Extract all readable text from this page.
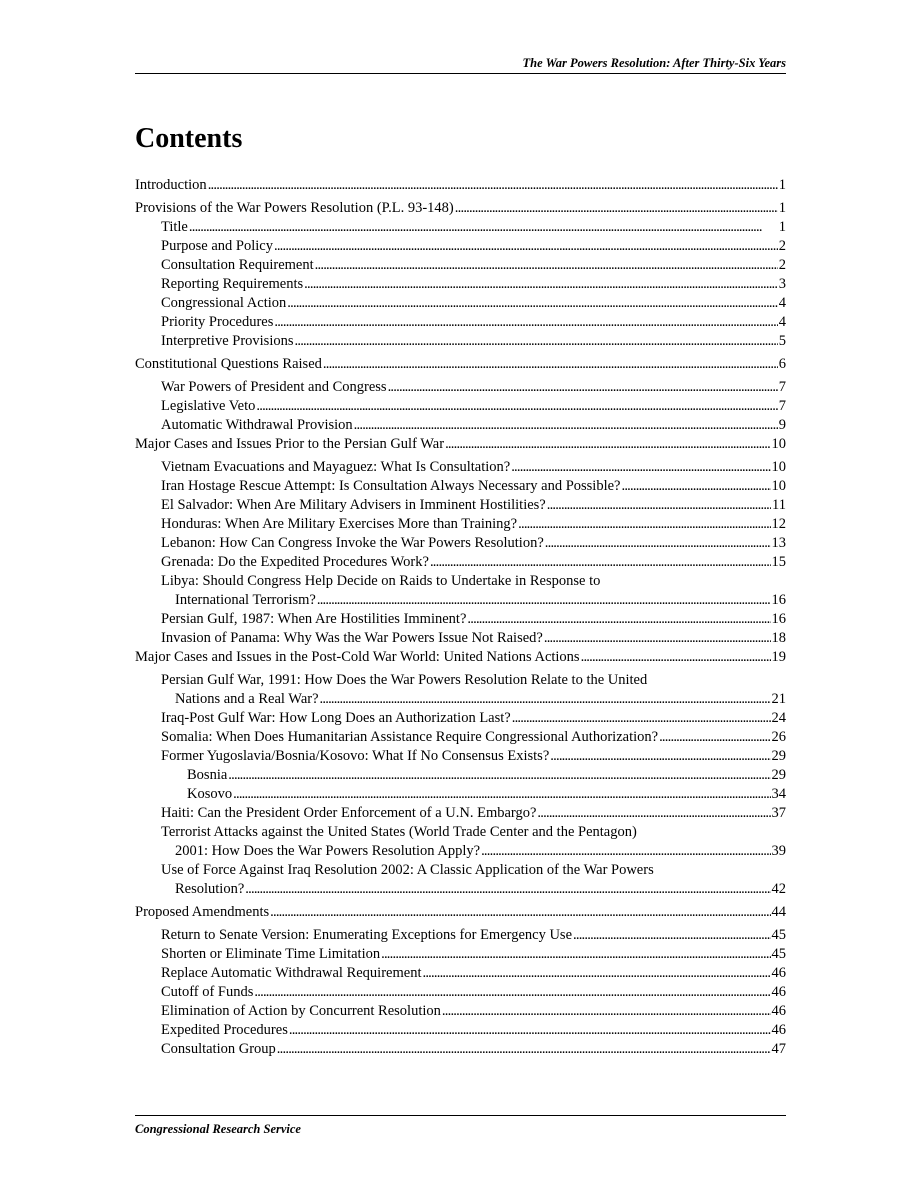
The War Powers Resolution: After Thirty-Six Years
Contents
Introduction . . .	1
Provisions of the War Powers Resolution (P.L. 93-148) . . .	1
Title . . .	1
Purpose and Policy . . .	2
Consultation Requirement . . .	2
Reporting Requirements . . .	3
Congressional Action . . .	4
Priority Procedures . . .	4
Interpretive Provisions . . .	5
Constitutional Questions Raised . . .	6
War Powers of President and Congress . . .	7
Legislative Veto . . .	7
Automatic Withdrawal Provision . . .	9
Major Cases and Issues Prior to the Persian Gulf War . . .	10
Vietnam Evacuations and Mayaguez: What Is Consultation? . . .	10
Iran Hostage Rescue Attempt: Is Consultation Always Necessary and Possible? . . .	10
El Salvador: When Are Military Advisers in Imminent Hostilities? . . .	11
Honduras: When Are Military Exercises More than Training? . . .	12
Lebanon: How Can Congress Invoke the War Powers Resolution? . . .	13
Grenada: Do the Expedited Procedures Work? . . .	15
Libya: Should Congress Help Decide on Raids to Undertake in Response to
International Terrorism? . . .	16
Persian Gulf, 1987: When Are Hostilities Imminent? . . .	16
Invasion of Panama: Why Was the War Powers Issue Not Raised? . . .	18
Major Cases and Issues in the Post-Cold War World: United Nations Actions . . .	19
Persian Gulf War, 1991: How Does the War Powers Resolution Relate to the United
Nations and a Real War? . . .	21
Iraq-Post Gulf War: How Long Does an Authorization Last? . . .	24
Somalia: When Does Humanitarian Assistance Require Congressional Authorization? . . .	26
Former Yugoslavia/Bosnia/Kosovo: What If No Consensus Exists? . . .	29
Bosnia . . .	29
Kosovo . . .	34
Haiti: Can the President Order Enforcement of a U.N. Embargo? . . .	37
Terrorist Attacks against the United States (World Trade Center and the Pentagon)
2001: How Does the War Powers Resolution Apply? . . .	39
Use of Force Against Iraq Resolution 2002: A Classic Application of the War Powers
Resolution? . . .	42
Proposed Amendments . . .	44
Return to Senate Version: Enumerating Exceptions for Emergency Use . . .	45
Shorten or Eliminate Time Limitation . . .	45
Replace Automatic Withdrawal Requirement . . .	46
Cutoff of Funds . . .	46
Elimination of Action by Concurrent Resolution . . .	46
Expedited Procedures . . .	46
Consultation Group . . .	47
Congressional Research Service
